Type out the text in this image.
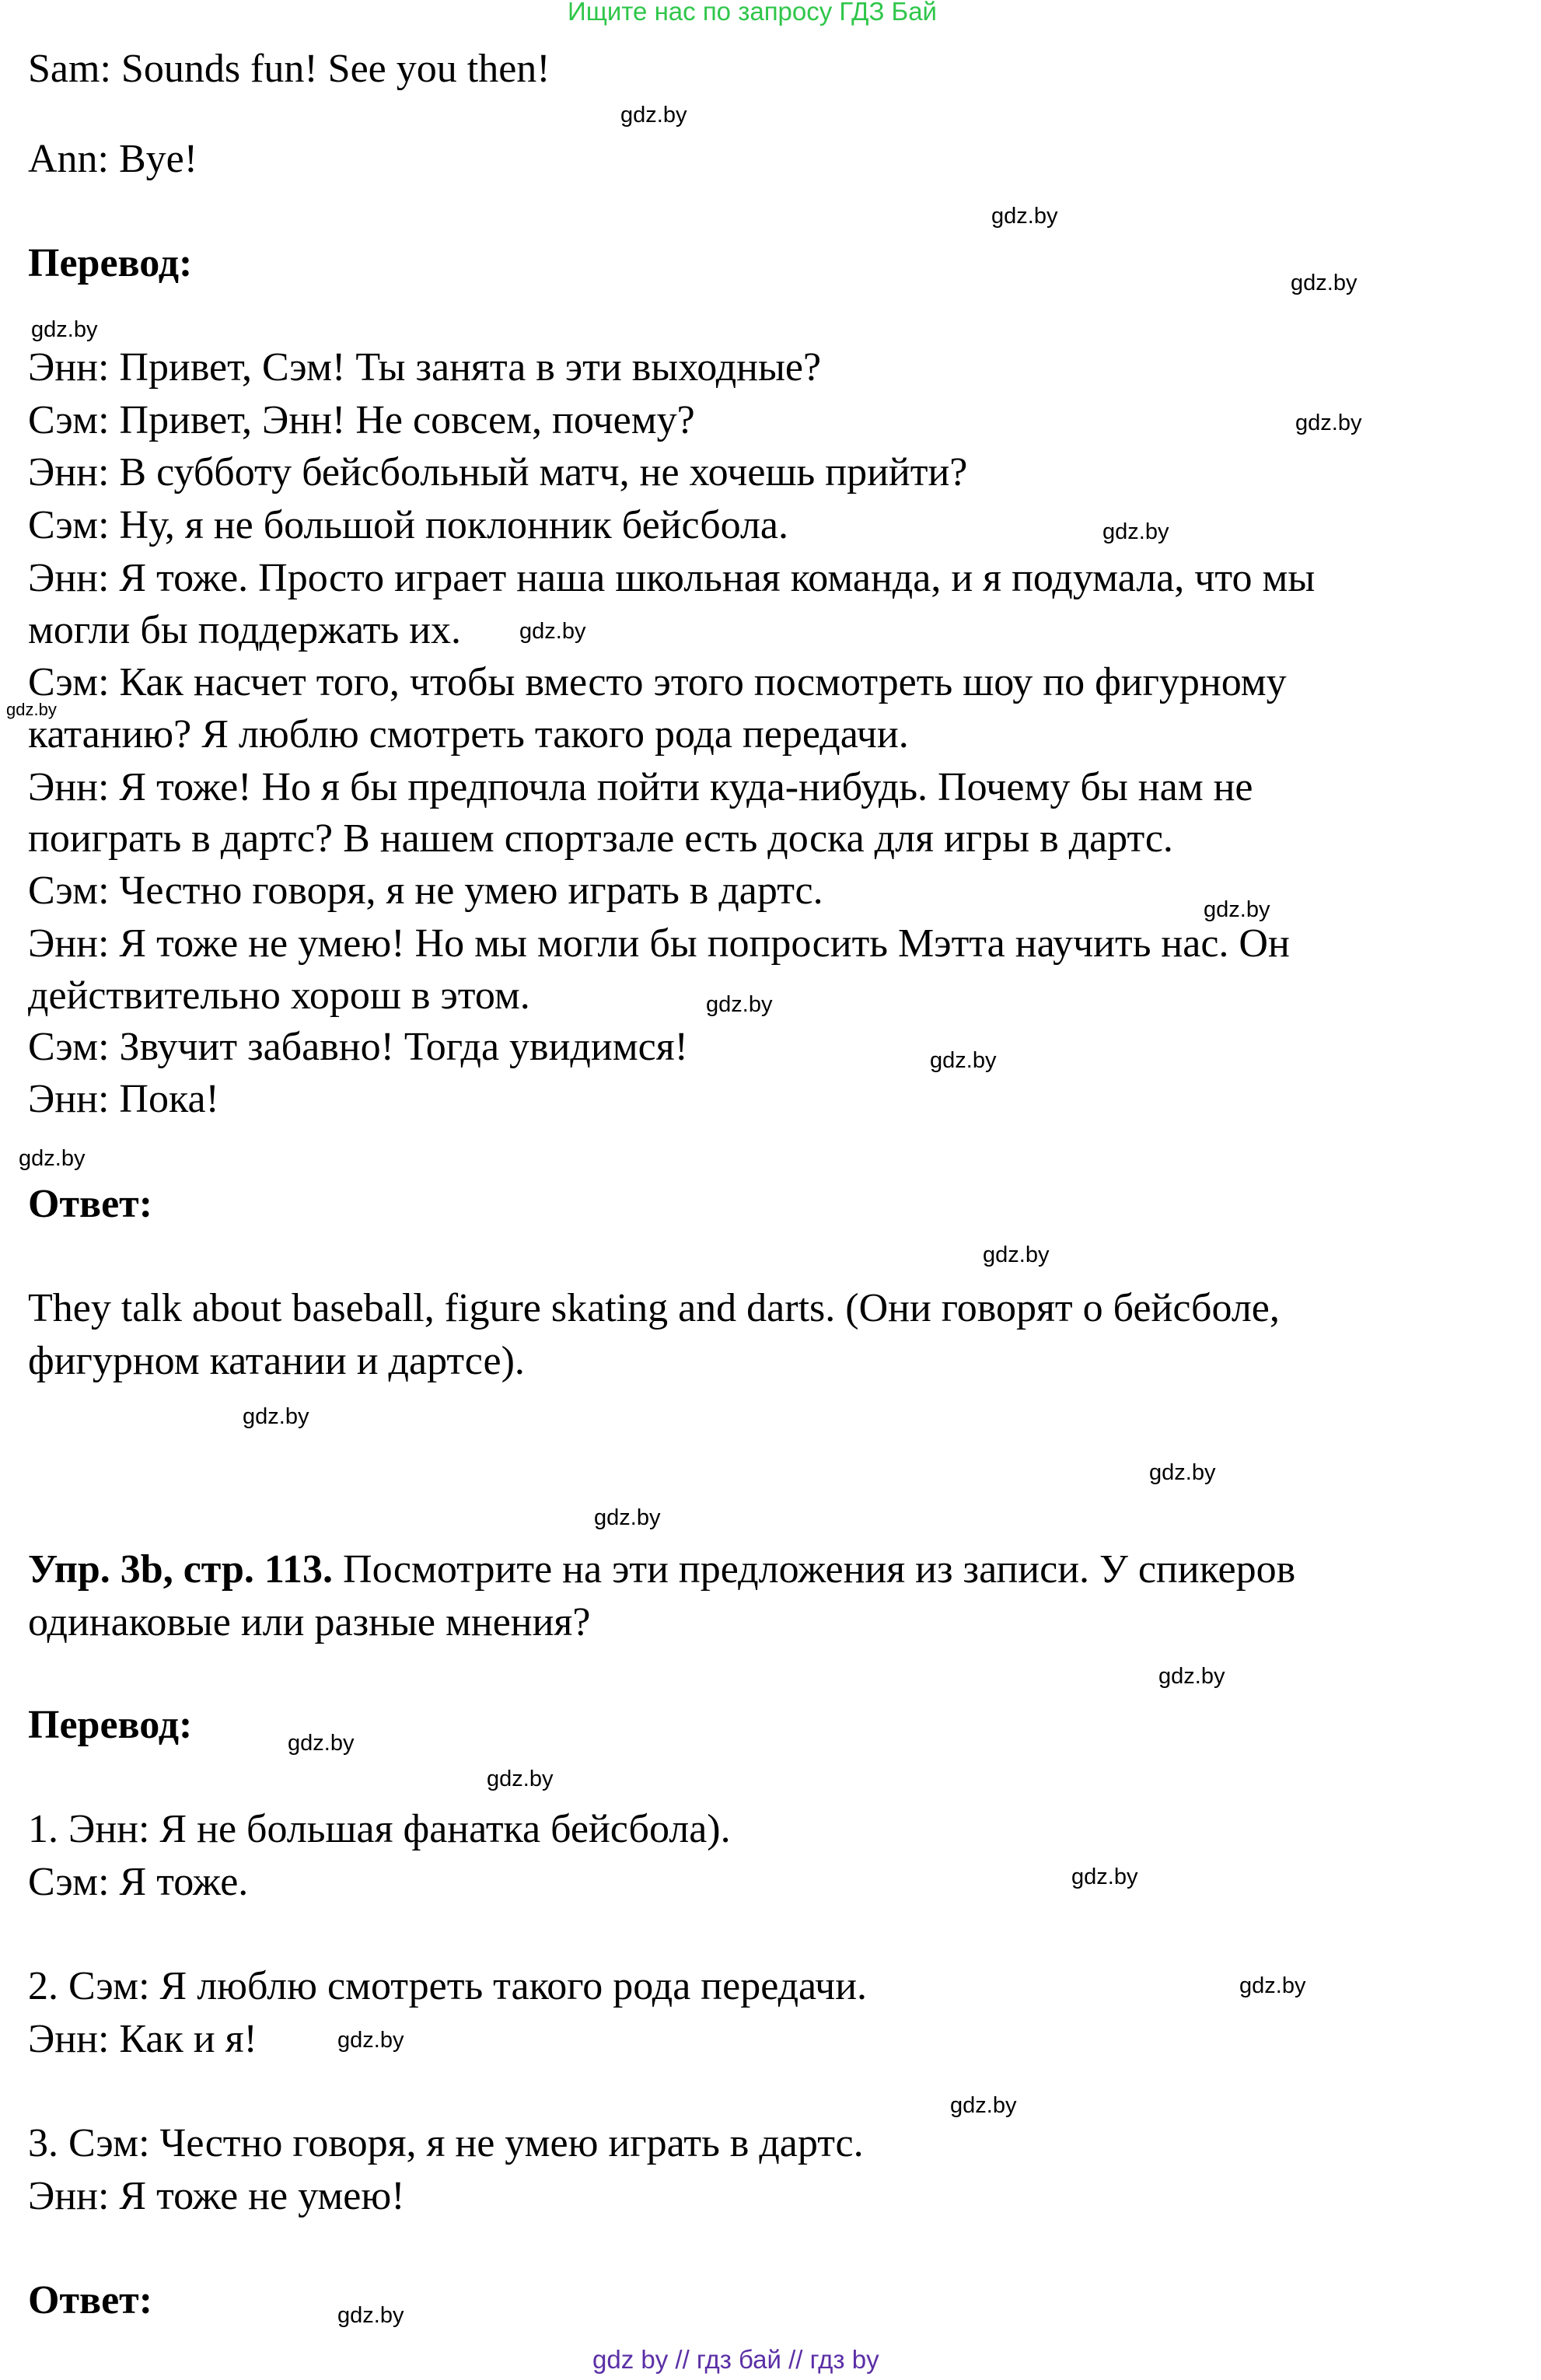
Ищите нас по запросу ГДЗ Бай
Sam: Sounds fun! See you then!
Ann: Bye!
Перевод:
Энн: Привет, Сэм! Ты занята в эти выходные?
Сэм: Привет, Энн! Не совсем, почему?
Энн: В субботу бейсбольный матч, не хочешь прийти?
Сэм: Ну, я не большой поклонник бейсбола.
Энн: Я тоже. Просто играет наша школьная команда, и я подумала, что мы
могли бы поддержать их.
Сэм: Как насчет того, чтобы вместо этого посмотреть шоу по фигурному
катанию? Я люблю смотреть такого рода передачи.
Энн: Я тоже! Но я бы предпочла пойти куда-нибудь. Почему бы нам не
поиграть в дартс? В нашем спортзале есть доска для игры в дартс.
Сэм: Честно говоря, я не умею играть в дартс.
Энн: Я тоже не умею! Но мы могли бы попросить Мэтта научить нас. Он
действительно хорош в этом.
Сэм: Звучит забавно! Тогда увидимся!
Энн: Пока!
Ответ:
They talk about baseball, figure skating and darts. (Они говорят о бейсболе,
фигурном катании и дартсе).
Упр. 3b, стр. 113. Посмотрите на эти предложения из записи. У спикеров
одинаковые или разные мнения?
Перевод:
1. Энн: Я не большая фанатка бейсбола).
Сэм: Я тоже.
2. Сэм: Я люблю смотреть такого рода передачи.
Энн: Как и я!
3. Сэм: Честно говоря, я не умею играть в дартс.
Энн: Я тоже не умею!
Ответ:
gdz by // гдз бай // гдз by
gdz.by
gdz.by
gdz.by
gdz.by
gdz.by
gdz.by
gdz.by
gdz.by
gdz.by
gdz.by
gdz.by
gdz.by
gdz.by
gdz.by
gdz.by
gdz.by
gdz.by
gdz.by
gdz.by
gdz.by
gdz.by
gdz.by
gdz.by
gdz.by
